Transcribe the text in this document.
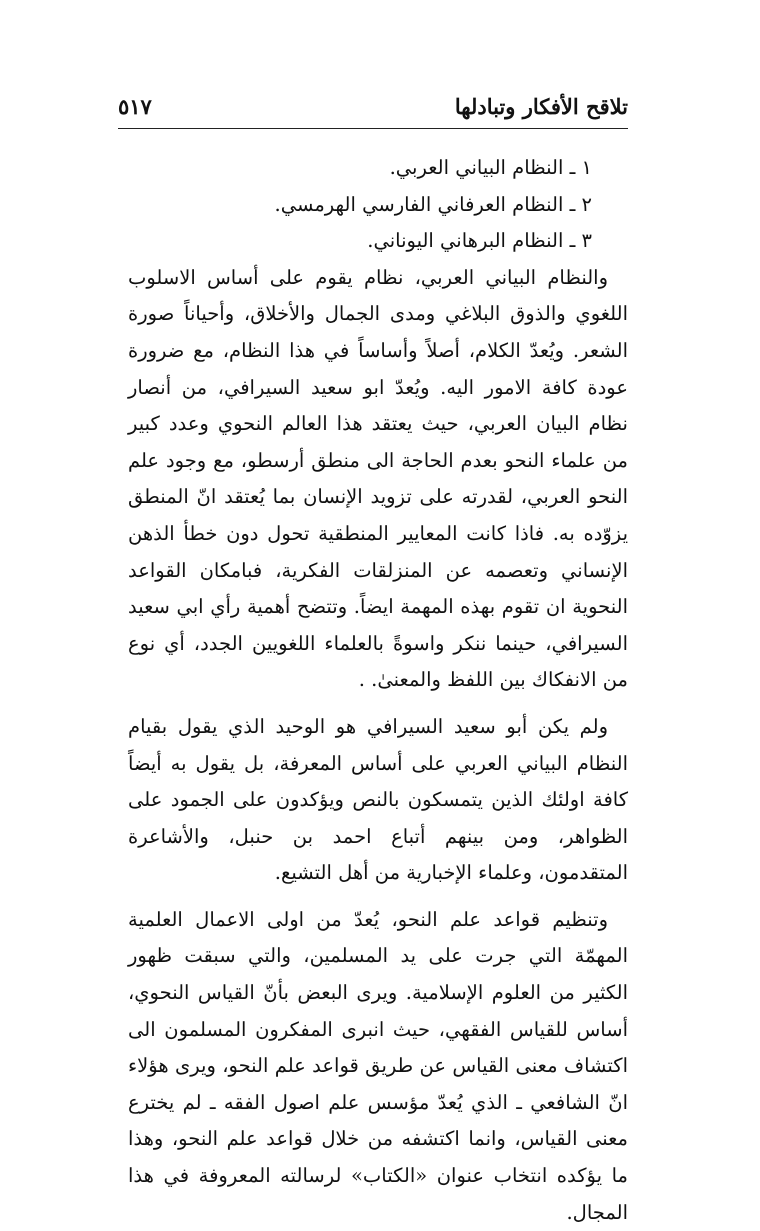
تلاقح الأفكار وتبادلها
٥١٧
١ ـ النظام البياني العربي.
٢ ـ النظام العرفاني الفارسي الهرمسي.
٣ ـ النظام البرهاني اليوناني.

والنظام البياني العربي، نظام يقوم على أساس الاسلوب اللغوي والذوق البلاغي ومدى الجمال والأخلاق، وأحياناً صورة الشعر. ويُعدّ الكلام، أصلاً وأساساً في هذا النظام، مع ضرورة عودة كافة الامور اليه. ويُعدّ ابو سعيد السيرافي، من أنصار نظام البيان العربي، حيث يعتقد هذا العالم النحوي وعدد كبير من علماء النحو بعدم الحاجة الى منطق أرسطو، مع وجود علم النحو العربي، لقدرته على تزويد الإنسان بما يُعتقد انّ المنطق يزوّده به. فاذا كانت المعايير المنطقية تحول دون خطأ الذهن الإنساني وتعصمه عن المنزلقات الفكرية، فبامكان القواعد النحوية ان تقوم بهذه المهمة ايضاً. وتتضح أهمية رأي ابي سعيد السيرافي، حينما ننكر واسوةً بالعلماء اللغويين الجدد، أي نوع من الانفكاك بين اللفظ والمعنىٰ. .

ولم يكن أبو سعيد السيرافي هو الوحيد الذي يقول بقيام النظام البياني العربي على أساس المعرفة، بل يقول به أيضاً كافة اولئك الذين يتمسكون بالنص ويؤكدون على الجمود على الظواهر، ومن بينهم أتباع احمد بن حنبل، والأشاعرة المتقدمون، وعلماء الإخبارية من أهل التشيع.

وتنظيم قواعد علم النحو، يُعدّ من اولى الاعمال العلمية المهمّة التي جرت على يد المسلمين، والتي سبقت ظهور الكثير من العلوم الإسلامية. ويرى البعض بأنّ القياس النحوي، أساس للقياس الفقهي، حيث انبرى المفكرون المسلمون الى اكتشاف معنى القياس عن طريق قواعد علم النحو، ويرى هؤلاء انّ الشافعي ـ الذي يُعدّ مؤسس علم اصول الفقه ـ لم يخترع معنى القياس، وانما اكتشفه من خلال قواعد علم النحو، وهذا ما يؤكده انتخاب عنوان «الكتاب» لرسالته المعروفة في هذا المجال.
